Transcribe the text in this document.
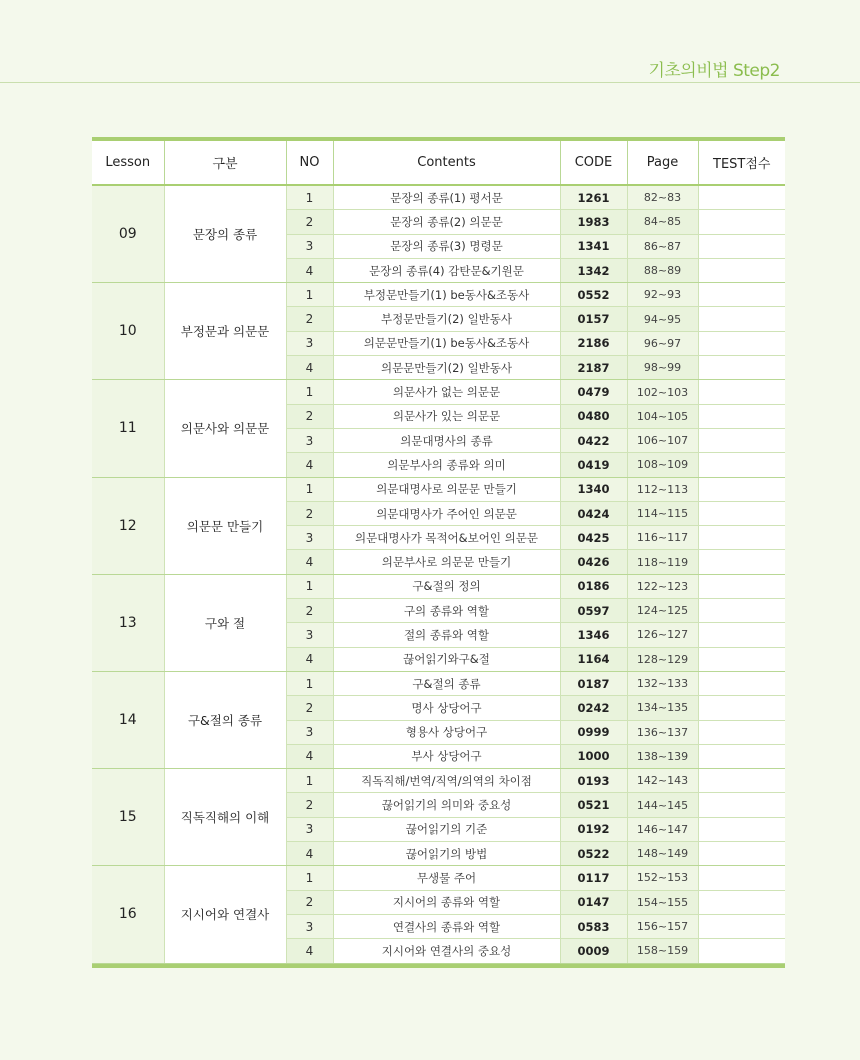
기초의비법 Step2
Lesson	구분	NO	Contents	CODE	Page	TEST점수
09	문장의 종류	1	문장의 종류(1) 평서문	1261	82~83	
		2	문장의 종류(2) 의문문	1983	84~85	
		3	문장의 종류(3) 명령문	1341	86~87	
		4	문장의 종류(4) 감탄문&기원문	1342	88~89	
10	부정문과 의문문	1	부정문만들기(1) be동사&조동사	0552	92~93	
		2	부정문만들기(2) 일반동사	0157	94~95	
		3	의문문만들기(1) be동사&조동사	2186	96~97	
		4	의문문만들기(2) 일반동사	2187	98~99	
11	의문사와 의문문	1	의문사가 없는 의문문	0479	102~103	
		2	의문사가 있는 의문문	0480	104~105	
		3	의문대명사의 종류	0422	106~107	
		4	의문부사의 종류와 의미	0419	108~109	
12	의문문 만들기	1	의문대명사로 의문문 만들기	1340	112~113	
		2	의문대명사가 주어인 의문문	0424	114~115	
		3	의문대명사가 목적어&보어인 의문문	0425	116~117	
		4	의문부사로 의문문 만들기	0426	118~119	
13	구와 절	1	구&절의 정의	0186	122~123	
		2	구의 종류와 역할	0597	124~125	
		3	절의 종류와 역할	1346	126~127	
		4	끊어읽기와구&절	1164	128~129	
14	구&절의 종류	1	구&절의 종류	0187	132~133	
		2	명사 상당어구	0242	134~135	
		3	형용사 상당어구	0999	136~137	
		4	부사 상당어구	1000	138~139	
15	직독직해의 이해	1	직독직해/번역/직역/의역의 차이점	0193	142~143	
		2	끊어읽기의 의미와 중요성	0521	144~145	
		3	끊어읽기의 기준	0192	146~147	
		4	끊어읽기의 방법	0522	148~149	
16	지시어와 연결사	1	무생물 주어	0117	152~153	
		2	지시어의 종류와 역할	0147	154~155	
		3	연결사의 종류와 역할	0583	156~157	
		4	지시어와 연결사의 중요성	0009	158~159	
